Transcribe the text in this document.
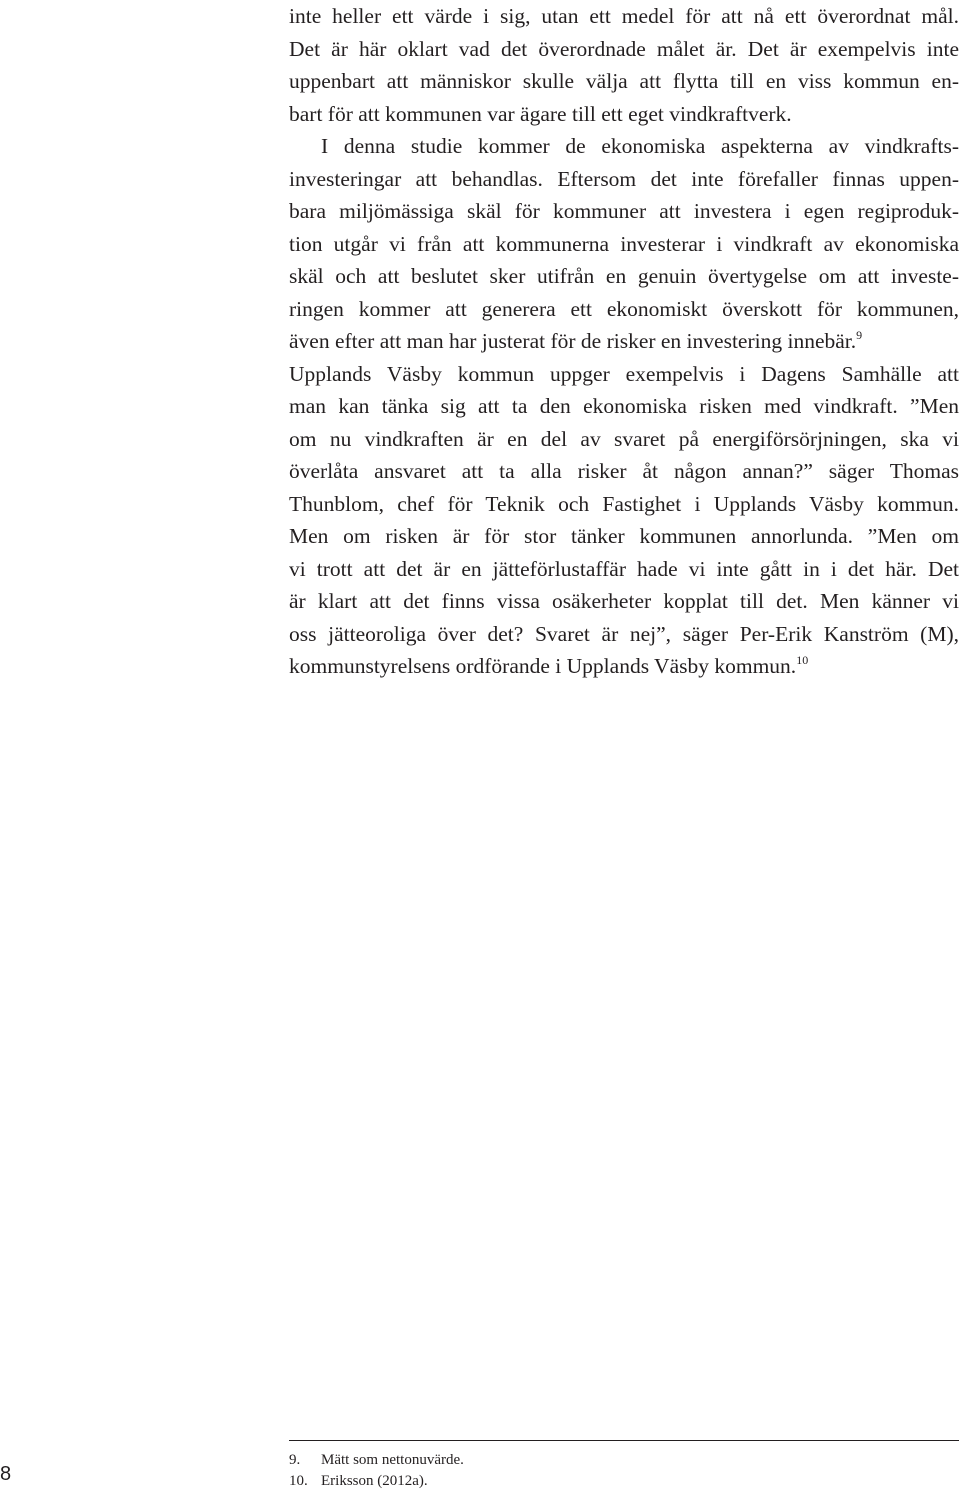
inte heller ett värde i sig, utan ett medel för att nå ett överordnat mål.
Det är här oklart vad det överordnade målet är. Det är exempelvis inte
uppenbart att människor skulle välja att flytta till en viss kommun en-
bart för att kommunen var ägare till ett eget vindkraftverk.
I denna studie kommer de ekonomiska aspekterna av vindkrafts-
investeringar att behandlas. Eftersom det inte förefaller finnas uppen-
bara miljömässiga skäl för kommuner att investera i egen regiproduk-
tion utgår vi från att kommunerna investerar i vindkraft av ekonomiska
skäl och att beslutet sker utifrån en genuin övertygelse om att investe-
ringen kommer att generera ett ekonomiskt överskott för kommunen,
även efter att man har justerat för de risker en investering innebär.$^9$
Upplands Väsby kommun uppger exempelvis i Dagens Samhälle att
man kan tänka sig att ta den ekonomiska risken med vindkraft. ”Men
om nu vindkraften är en del av svaret på energiförsörjningen, ska vi
överlåta ansvaret att ta alla risker åt någon annan?” säger Thomas
Thunblom, chef för Teknik och Fastighet i Upplands Väsby kommun.
Men om risken är för stor tänker kommunen annorlunda. ”Men om
vi trott att det är en jätteförlustaffär hade vi inte gått in i det här. Det
är klart att det finns vissa osäkerheter kopplat till det. Men känner vi
oss jätteoroliga över det? Svaret är nej”, säger Per-Erik Kanström (M),
kommunstyrelsens ordförande i Upplands Väsby kommun.$^{10}$
9. Mätt som nettonuvärde.
10. Eriksson (2012a).
8
